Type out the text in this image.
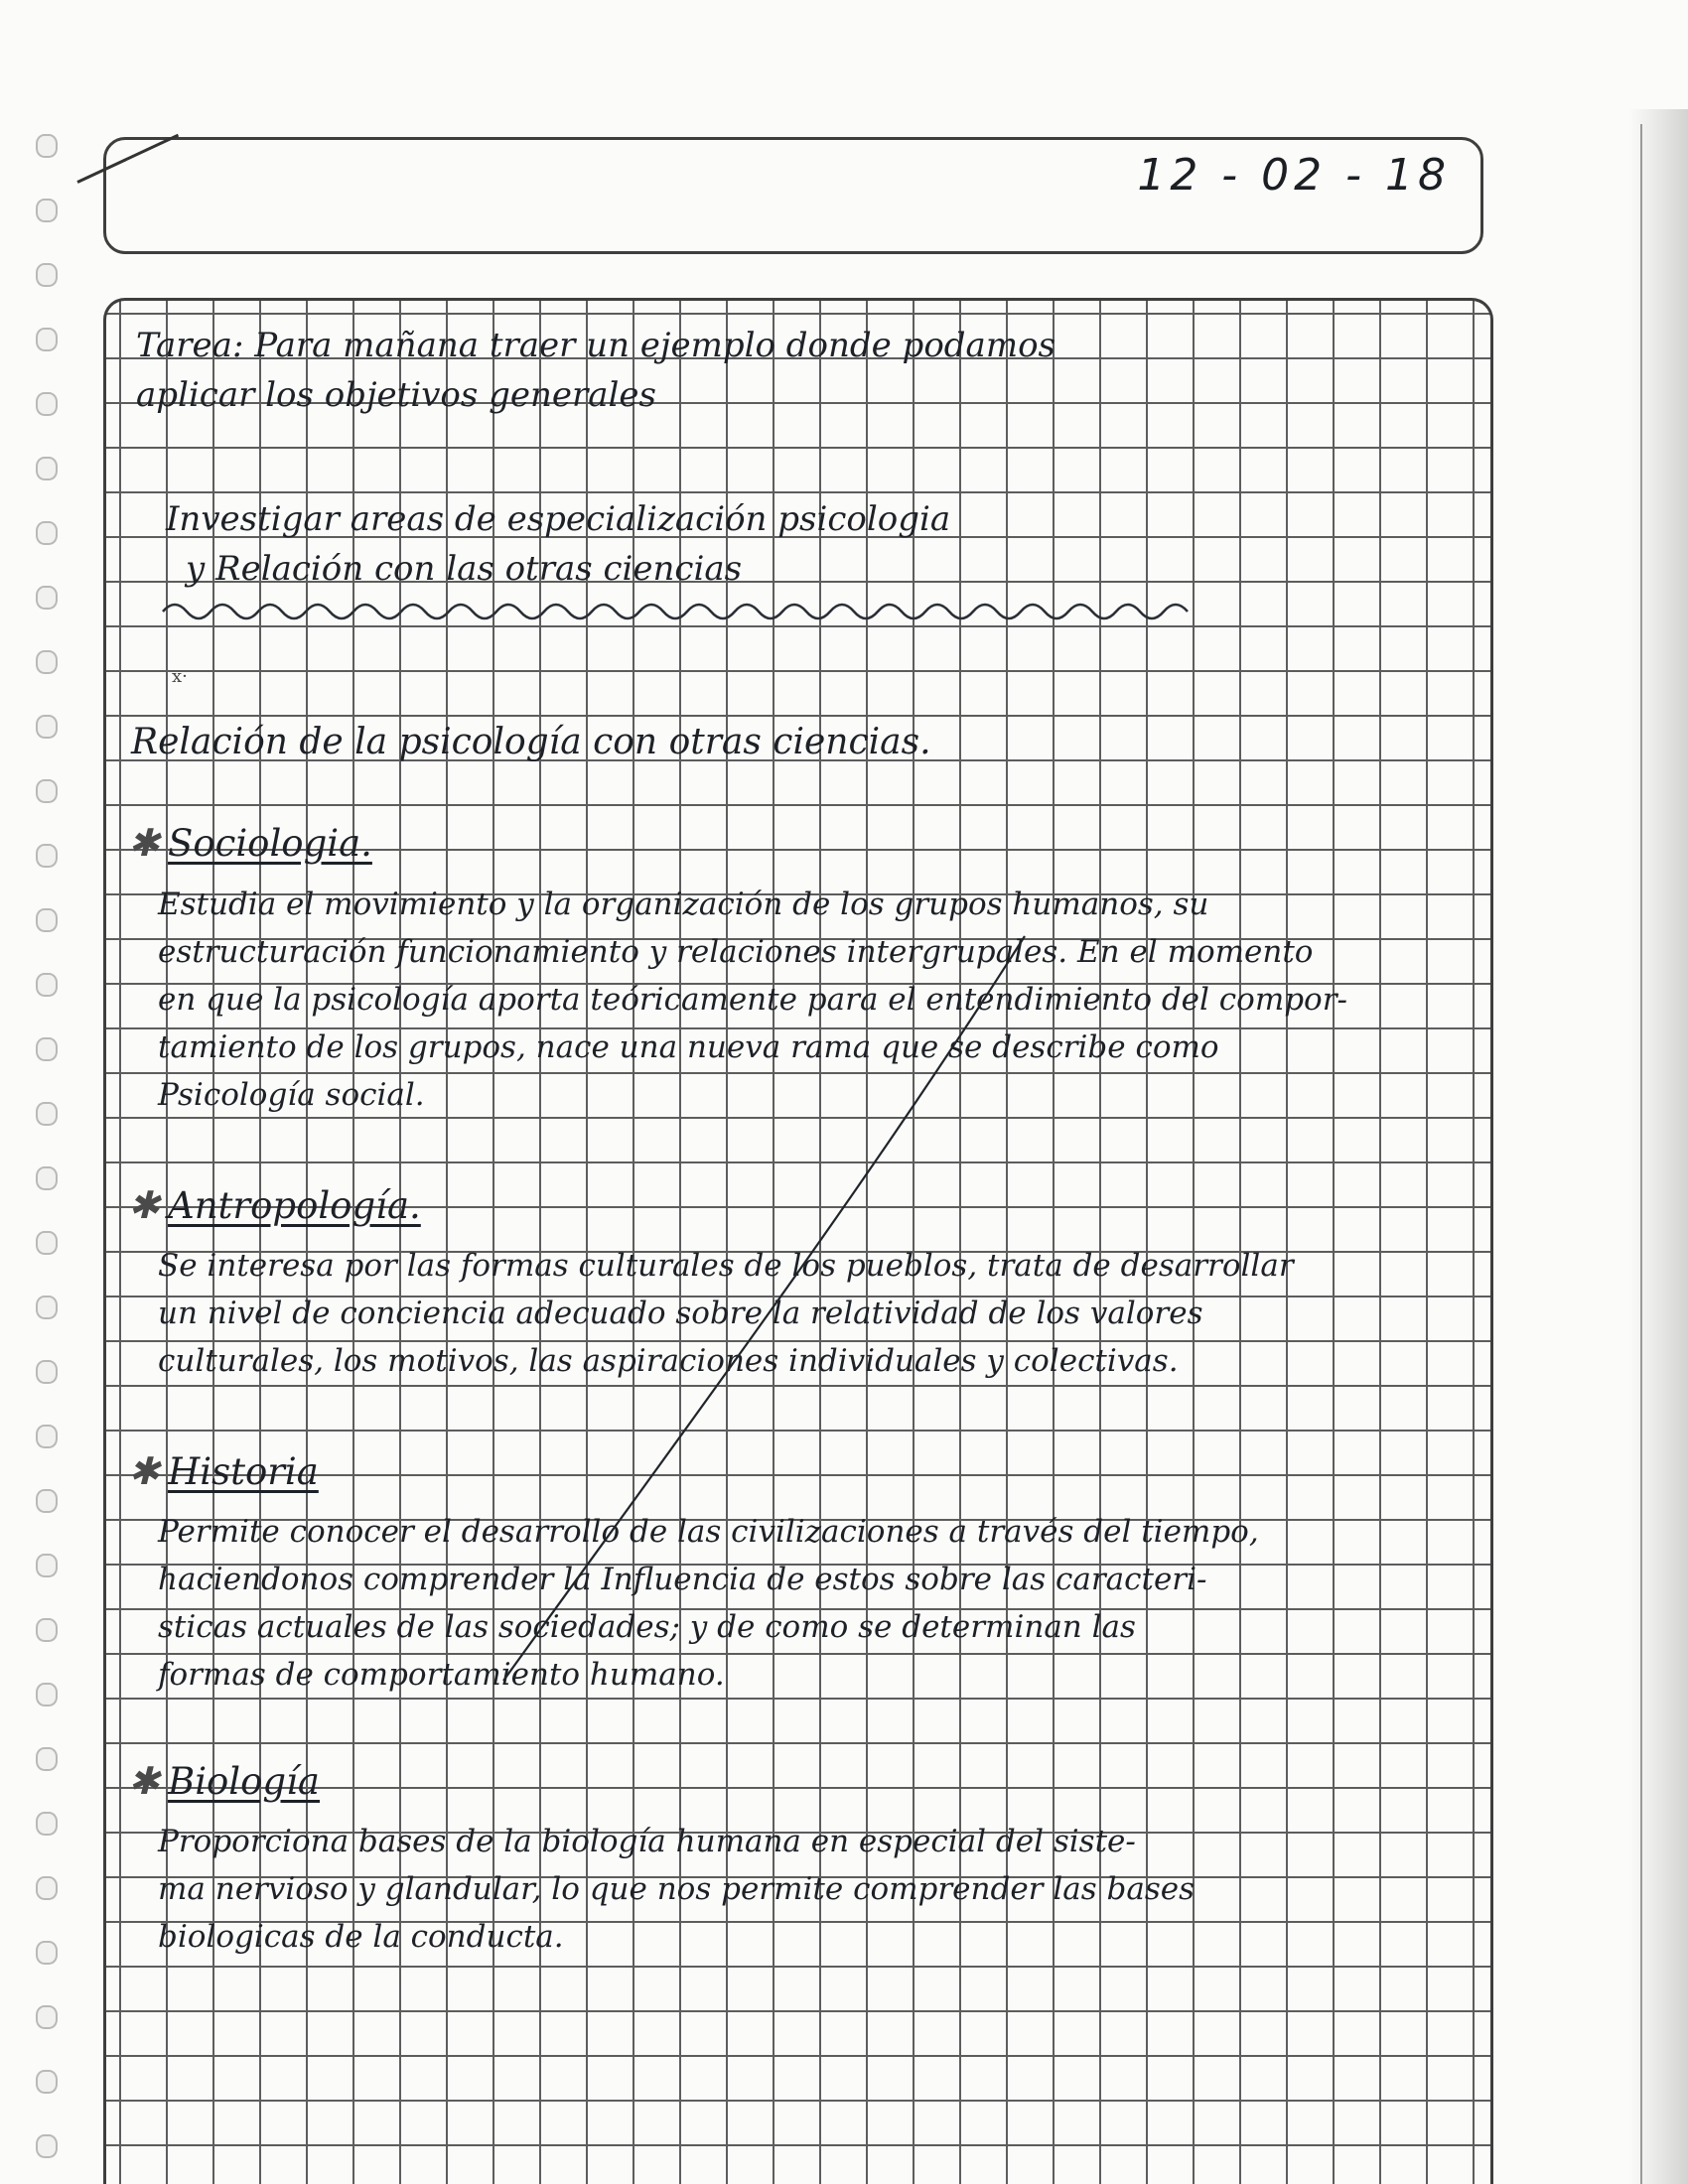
12 - 02 - 18
Tarea: Para mañana traer un ejemplo donde podamos
aplicar los objetivos generales
Investigar areas de especialización psicologia
y Relación con las otras ciencias
x·
Relación de la psicología con otras ciencias.
✱ Sociologia.
Estudia el movimiento y la organización de los grupos humanos, su
estructuración funcionamiento y relaciones intergrupales. En el momento
en que la psicología aporta teóricamente para el entendimiento del compor-
tamiento de los grupos, nace una nueva rama que se describe como
Psicología social.
✱ Antropología.
Se interesa por las formas culturales de los pueblos, trata de desarrollar
un nivel de conciencia adecuado sobre la relatividad de los valores
culturales, los motivos, las aspiraciones individuales y colectivas.
✱ Historia
Permite conocer el desarrollo de las civilizaciones a través del tiempo,
haciendonos comprender la Influencia de estos sobre las caracteri-
sticas actuales de las sociedades; y de como se determinan las
formas de comportamiento humano.
✱ Biología
Proporciona bases de la biología humana en especial del siste-
ma nervioso y glandular, lo que nos permite comprender las bases
biologicas de la conducta.
